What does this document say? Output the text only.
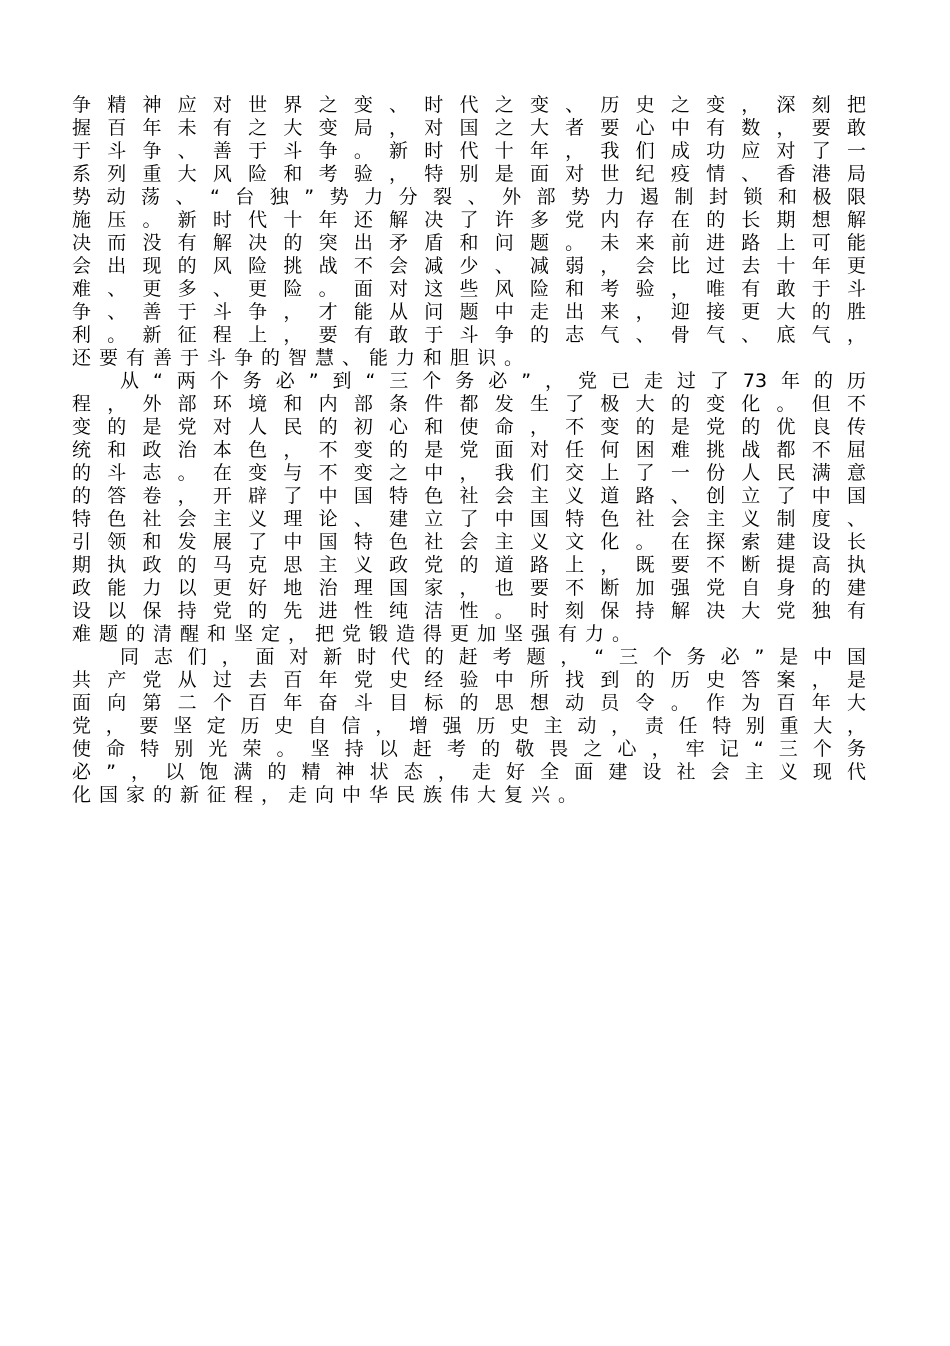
争精神应对世界之变、时代之变、历史之变，深刻把
握百年未有之大变局，对国之大者要心中有数，要敢
于斗争、善于斗争。新时代十年，我们成功应对了一
系列重大风险和考验，特别是面对世纪疫情、香港局
势动荡、“台独”势力分裂、外部势力遏制封锁和极限
施压。新时代十年还解决了许多党内存在的长期想解
决而没有解决的突出矛盾和问题。未来前进路上可能
会出现的风险挑战不会减少、减弱，会比过去十年更
难、更多、更险。面对这些风险和考验，唯有敢于斗
争、善于斗争，才能从问题中走出来，迎接更大的胜
利。新征程上，要有敢于斗争的志气、骨气、底气，
还要有善于斗争的智慧、能力和胆识。
从“两个务必”到“三个务必”，党已走过了73年的历
程，外部环境和内部条件都发生了极大的变化。但不
变的是党对人民的初心和使命，不变的是党的优良传
统和政治本色，不变的是党面对任何困难挑战都不屈
的斗志。在变与不变之中，我们交上了一份人民满意
的答卷，开辟了中国特色社会主义道路、创立了中国
特色社会主义理论、建立了中国特色社会主义制度、
引领和发展了中国特色社会主义文化。在探索建设长
期执政的马克思主义政党的道路上，既要不断提高执
政能力以更好地治理国家，也要不断加强党自身的建
设以保持党的先进性纯洁性。时刻保持解决大党独有
难题的清醒和坚定，把党锻造得更加坚强有力。
同志们，面对新时代的赶考题，“三个务必”是中国
共产党从过去百年党史经验中所找到的历史答案，是
面向第二个百年奋斗目标的思想动员令。作为百年大
党，要坚定历史自信，增强历史主动，责任特别重大，
使命特别光荣。坚持以赶考的敬畏之心，牢记“三个务
必”，以饱满的精神状态，走好全面建设社会主义现代
化国家的新征程，走向中华民族伟大复兴。
